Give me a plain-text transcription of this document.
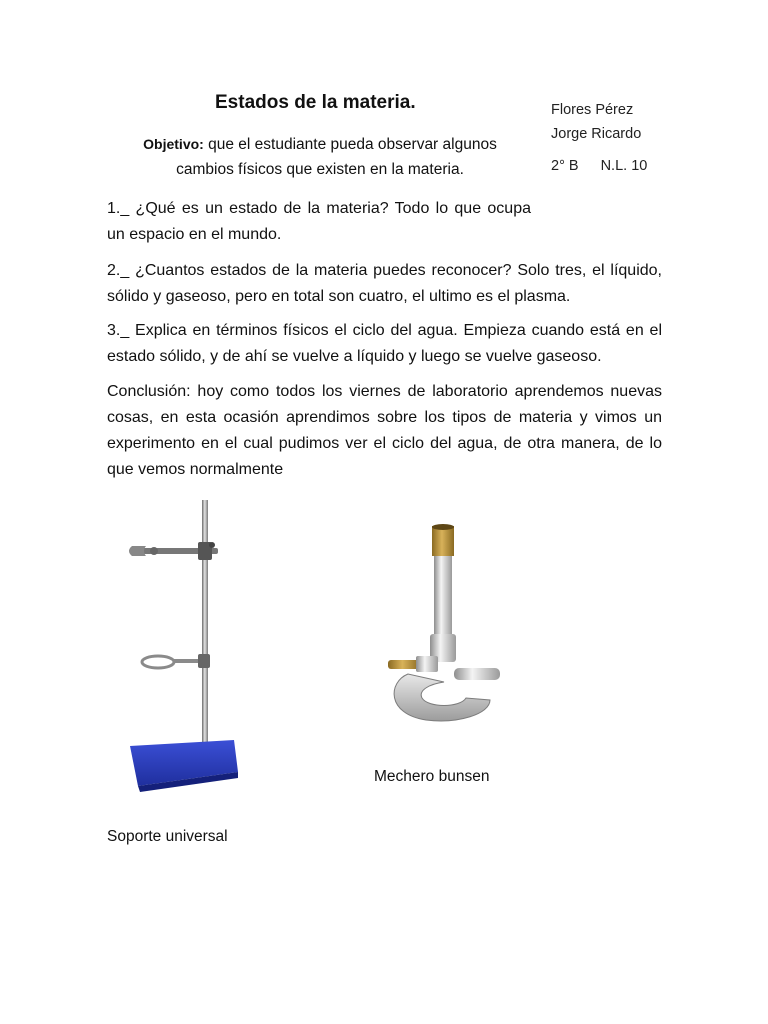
Estados de la materia.	Flores Pérez
Jorge Ricardo
2° B N.L. 10
Objetivo: que el estudiante pueda observar algunos cambios físicos que existen en la materia.
1._ ¿Qué es un estado de la materia? Todo lo que ocupa un espacio en el mundo.
2._ ¿Cuantos estados de la materia puedes reconocer? Solo tres, el líquido, sólido y gaseoso, pero en total son cuatro, el ultimo es el plasma.
3._ Explica en términos físicos el ciclo del agua. Empieza cuando está en el estado sólido, y de ahí se vuelve a líquido y luego se vuelve gaseoso.
Conclusión: hoy como todos los viernes de laboratorio aprendemos nuevas cosas, en esta ocasión aprendimos sobre los tipos de materia y vimos un experimento en el cual pudimos ver el ciclo del agua, de otra manera, de lo que vemos normalmente
Mechero bunsen
Soporte universal
